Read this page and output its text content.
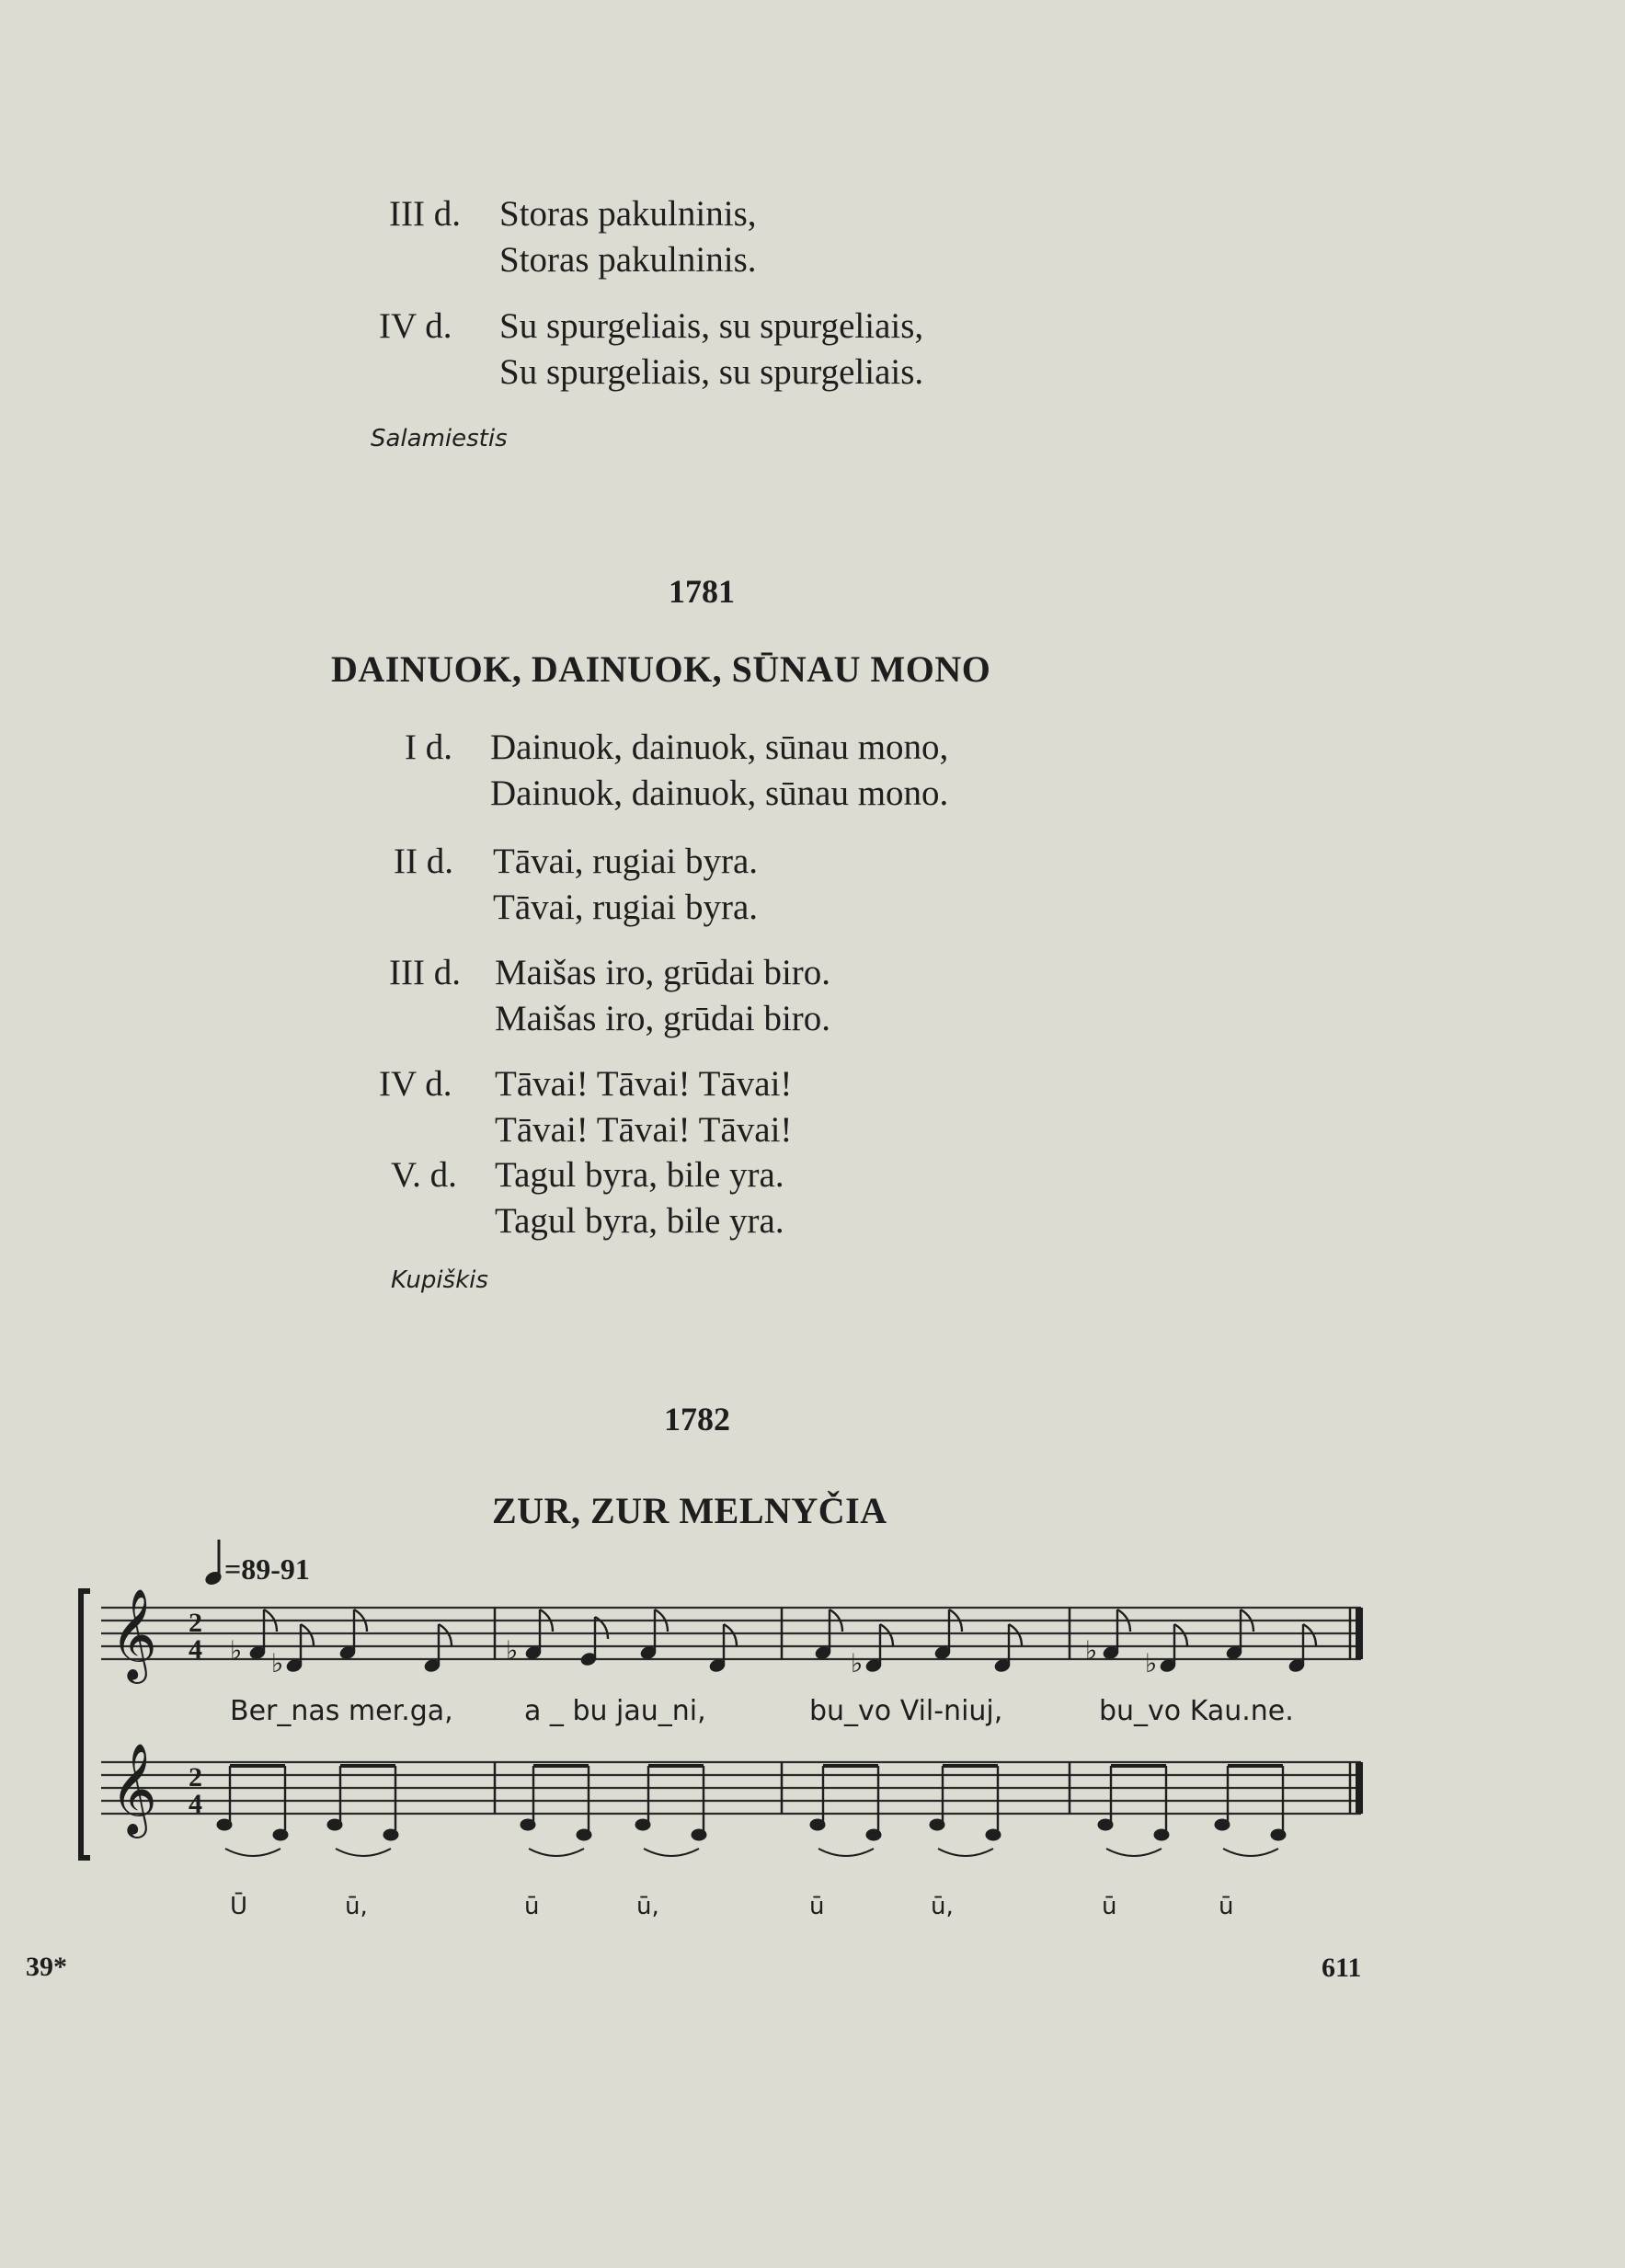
III d. Storas pakulninis,
Storas pakulninis.
IV d. Su spurgeliais, su spurgeliais,
Su spurgeliais, su spurgeliais.
Salamiestis
1781
DAINUOK, DAINUOK, SŪNAU MONO
I d. Dainuok, dainuok, sūnau mono,
Dainuok, dainuok, sūnau mono.
II d. Tāvai, rugiai byra.
Tāvai, rugiai byra.
III d. Maišas iro, grūdai biro.
Maišas iro, grūdai biro.
IV d. Tāvai! Tāvai! Tāvai!
Tāvai! Tāvai! Tāvai!
V. d. Tagul byra, bile yra.
Tagul byra, bile yra.
Kupiškis
1782
ZUR, ZUR MELNYČIA
=89-91
𝄞
𝄞
2
4
2
4
♭ ♭	♭	♭	♭ ♭
Ber_nas mer.ga,	a _ bu jau_ni,	bu_vo Vil-niuj,	bu_vo Kau.ne.
Ū	ū,	ū	ū,	ū	ū,	ū	ū
39*	611
